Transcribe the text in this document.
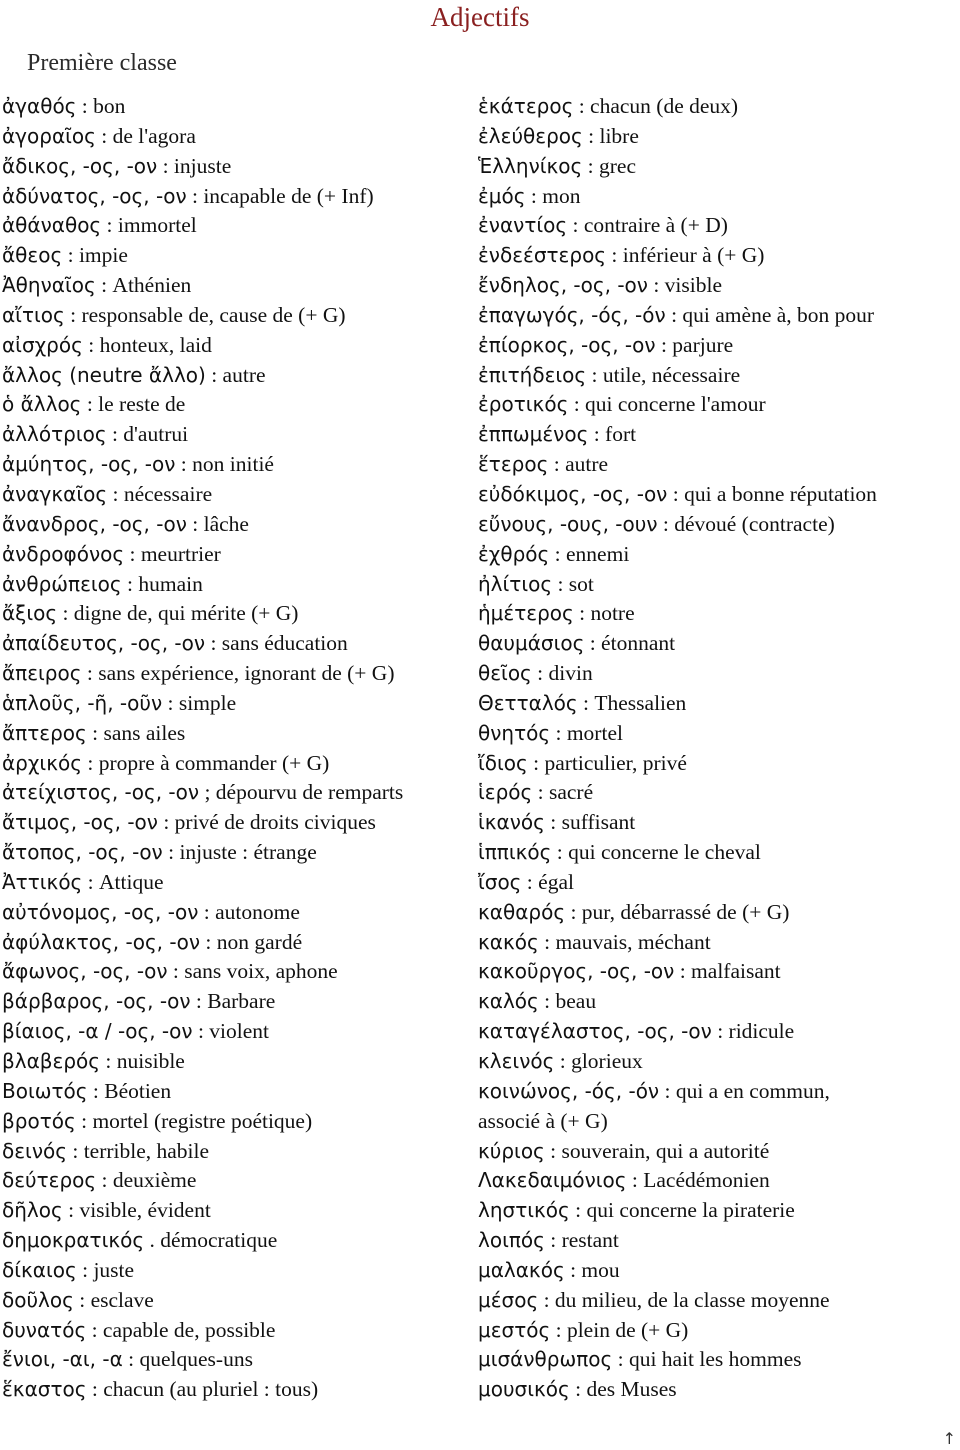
Adjectifs
Première classe
ἀγαθός : bon
ἀγοραῖος : de l'agora
ἄδικος, -ος, -ον : injuste
ἀδύνατος, -ος, -ον : incapable de (+ Inf)
ἀθάναθος : immortel
ἄθεος : impie
Ἀθηναῖος : Athénien
αἴτιος : responsable de, cause de (+ G)
αἰσχρός : honteux, laid
ἄλλος (neutre ἄλλο) : autre
ὁ ἄλλος : le reste de
ἀλλότριος : d'autrui
ἀμύητος, -ος, -ον : non initié
ἀναγκαῖος : nécessaire
ἄνανδρος, -ος, -ον : lâche
ἀνδροφόνος : meurtrier
ἀνθρώπειος : humain
ἄξιος : digne de, qui mérite (+ G)
ἀπαίδευτος, -ος, -ον : sans éducation
ἄπειρος : sans expérience, ignorant de (+ G)
ἁπλοῦς, -ῆ, -οῦν : simple
ἄπτερος : sans ailes
ἀρχικός : propre à commander (+ G)
ἀτείχιστος, -ος, -ον ; dépourvu de remparts
ἄτιμος, -ος, -ον : privé de droits civiques
ἄτοπος, -ος, -ον : injuste : étrange
Ἀττικός : Attique
αὐτόνομος, -ος, -ον : autonome
ἀφύλακτος, -ος, -ον : non gardé
ἄφωνος, -ος, -ον : sans voix, aphone
βάρβαρος, -ος, -ον : Barbare
βίαιος, -α / -ος, -ον : violent
βλαβερός : nuisible
Βοιωτός : Béotien
βροτός : mortel (registre poétique)
δεινός : terrible, habile
δεύτερος : deuxième
δῆλος : visible, évident
δημοκρατικός . démocratique
δίκαιος : juste
δοῦλος : esclave
δυνατός : capable de, possible
ἔνιοι, -αι, -α : quelques-uns
ἕκαστος : chacun (au pluriel : tous)
ἑκάτερος : chacun (de deux)
ἐλεύθερος : libre
Ἑλληνίκος : grec
ἐμός : mon
ἐναντίος : contraire à (+ D)
ἐνδεέστερος : inférieur à (+ G)
ἔνδηλος, -ος, -ον : visible
ἐπαγωγός, -ός, -όν : qui amène à, bon pour
ἐπίορκος, -ος, -ον : parjure
ἐπιτήδειος : utile, nécessaire
ἐροτικός : qui concerne l'amour
ἐππωμένος : fort
ἕτερος : autre
εὐδόκιμος, -ος, -ον : qui a bonne réputation
εὔνους, -ους, -ουν : dévoué (contracte)
ἐχθρός : ennemi
ἠλίτιος : sot
ἡμέτερος : notre
θαυμάσιος : étonnant
θεῖος : divin
Θετταλός : Thessalien
θνητός : mortel
ἴδιος : particulier, privé
ἱερός : sacré
ἱκανός : suffisant
ἱππικός : qui concerne le cheval
ἴσος : égal
καθαρός : pur, débarrassé de (+ G)
κακός : mauvais, méchant
κακοῦργος, -ος, -ον : malfaisant
καλός : beau
καταγέλαστος, -ος, -ον : ridicule
κλεινός : glorieux
κοινώνος, -ός, -όν : qui a en commun,
associé à (+ G)
κύριος : souverain, qui a autorité
Λακεδαιμόνιος : Lacédémonien
ληστικός : qui concerne la piraterie
λοιπός : restant
μαλακός : mou
μέσος : du milieu, de la classe moyenne
μεστός : plein de (+ G)
μισάνθρωπος : qui hait les hommes
μουσικός : des Muses
↑
